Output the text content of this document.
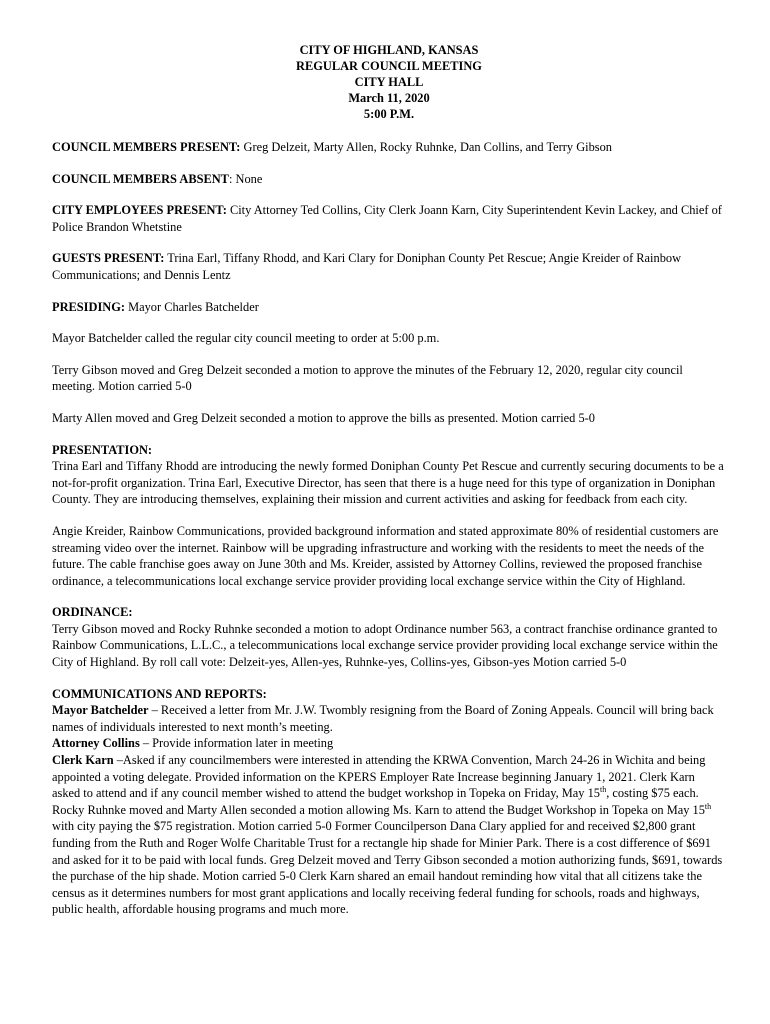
CITY OF HIGHLAND, KANSAS
REGULAR COUNCIL MEETING
CITY HALL
March 11, 2020
5:00 P.M.

COUNCIL MEMBERS PRESENT: Greg Delzeit, Marty Allen, Rocky Ruhnke, Dan Collins, and Terry Gibson

COUNCIL MEMBERS ABSENT: None

CITY EMPLOYEES PRESENT: City Attorney Ted Collins, City Clerk Joann Karn, City Superintendent Kevin Lackey, and Chief of Police Brandon Whetstine

GUESTS PRESENT: Trina Earl, Tiffany Rhodd, and Kari Clary for Doniphan County Pet Rescue; Angie Kreider of Rainbow Communications; and Dennis Lentz

PRESIDING: Mayor Charles Batchelder

Mayor Batchelder called the regular city council meeting to order at 5:00 p.m.

Terry Gibson moved and Greg Delzeit seconded a motion to approve the minutes of the February 12, 2020, regular city council meeting. Motion carried 5-0

Marty Allen moved and Greg Delzeit seconded a motion to approve the bills as presented. Motion carried 5-0

PRESENTATION:
Trina Earl and Tiffany Rhodd are introducing the newly formed Doniphan County Pet Rescue and currently securing documents to be a not-for-profit organization. Trina Earl, Executive Director, has seen that there is a huge need for this type of organization in Doniphan County. They are introducing themselves, explaining their mission and current activities and asking for feedback from each city.

Angie Kreider, Rainbow Communications, provided background information and stated approximate 80% of residential customers are streaming video over the internet. Rainbow will be upgrading infrastructure and working with the residents to meet the needs of the future. The cable franchise goes away on June 30th and Ms. Kreider, assisted by Attorney Collins, reviewed the proposed franchise ordinance, a telecommunications local exchange service provider providing local exchange service within the City of Highland.

ORDINANCE:
Terry Gibson moved and Rocky Ruhnke seconded a motion to adopt Ordinance number 563, a contract franchise ordinance granted to Rainbow Communications, L.L.C., a telecommunications local exchange service provider providing local exchange service within the City of Highland. By roll call vote: Delzeit-yes, Allen-yes, Ruhnke-yes, Collins-yes, Gibson-yes Motion carried 5-0
COMMUNICATIONS AND REPORTS:
Mayor Batchelder – Received a letter from Mr. J.W. Twombly resigning from the Board of Zoning Appeals. Council will bring back names of individuals interested to next month’s meeting.
Attorney Collins – Provide information later in meeting
Clerk Karn –Asked if any councilmembers were interested in attending the KRWA Convention, March 24-26 in Wichita and being appointed a voting delegate. Provided information on the KPERS Employer Rate Increase beginning January 1, 2021. Clerk Karn asked to attend and if any council member wished to attend the budget workshop in Topeka on Friday, May 15th, costing $75 each. Rocky Ruhnke moved and Marty Allen seconded a motion allowing Ms. Karn to attend the Budget Workshop in Topeka on May 15th with city paying the $75 registration. Motion carried 5-0 Former Councilperson Dana Clary applied for and received $2,800 grant funding from the Ruth and Roger Wolfe Charitable Trust for a rectangle hip shade for Minier Park. There is a cost difference of $691 and asked for it to be paid with local funds. Greg Delzeit moved and Terry Gibson seconded a motion authorizing funds, $691, towards the purchase of the hip shade. Motion carried 5-0 Clerk Karn shared an email handout reminding how vital that all citizens take the census as it determines numbers for most grant applications and locally receiving federal funding for schools, roads and highways, public health, affordable housing programs and much more.
